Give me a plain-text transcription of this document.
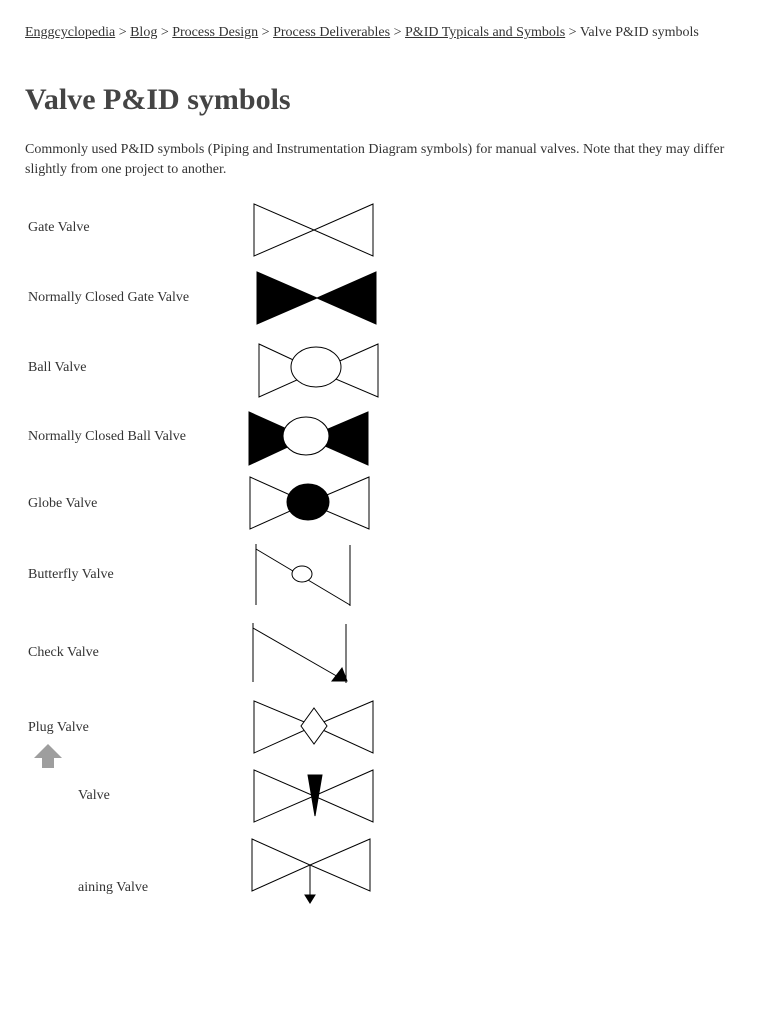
Enggcyclopedia > Blog > Process Design > Process Deliverables > P&ID Typicals and Symbols > Valve P&ID symbols
Valve P&ID symbols

Commonly used P&ID symbols (Piping and Instrumentation Diagram symbols) for manual valves. Note that they may differ slightly from one project to another.

Gate Valve
Normally Closed Gate Valve
Ball Valve
Normally Closed Ball Valve
Globe Valve
Butterfly Valve
Check Valve
Plug Valve
Valve
aining Valve
